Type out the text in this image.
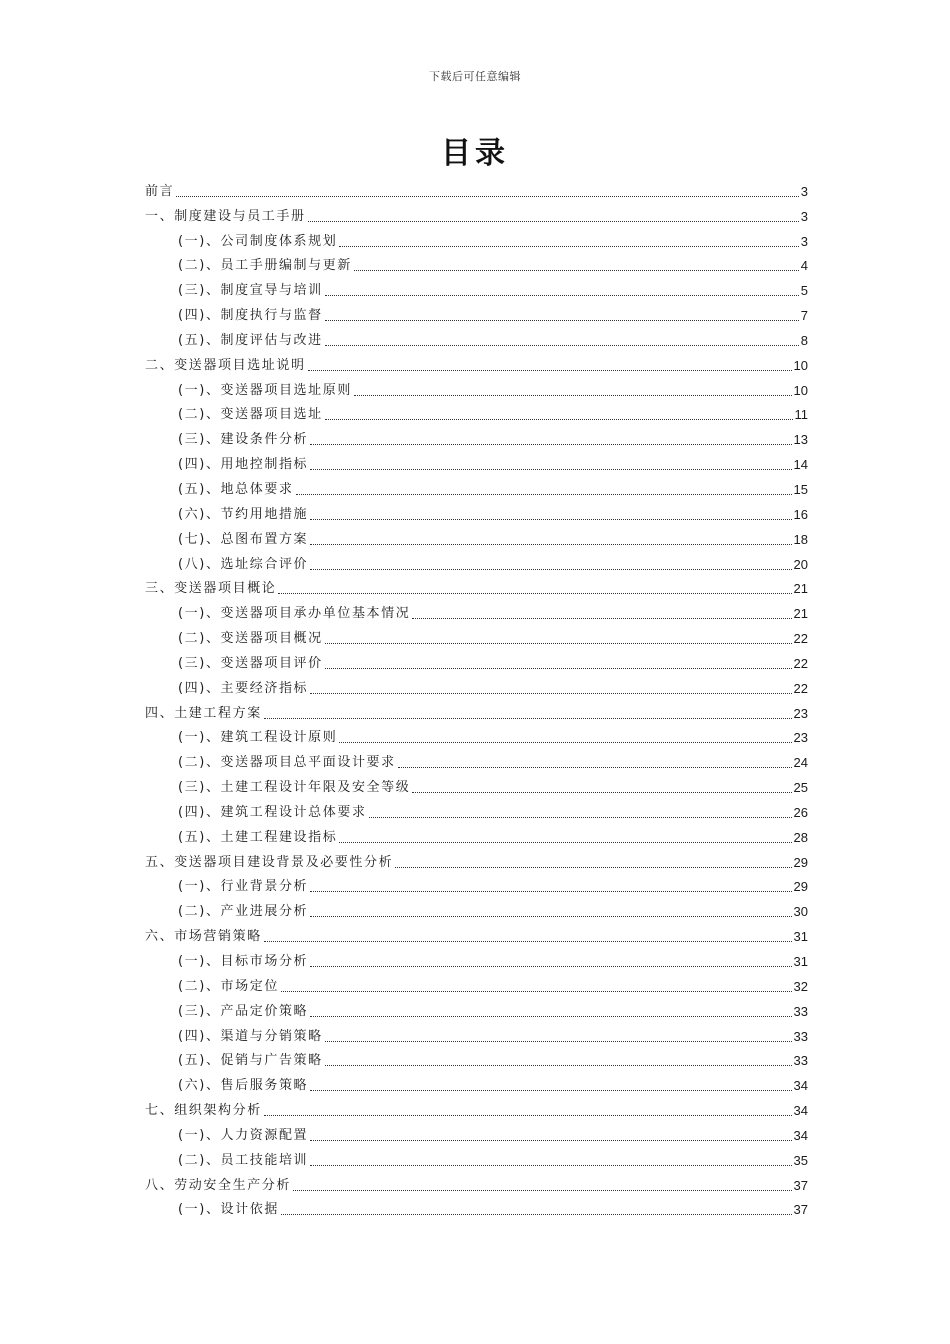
下载后可任意编辑
目录
前言	3
一、制度建设与员工手册	3
(一)、公司制度体系规划	3
(二)、员工手册编制与更新	4
(三)、制度宣导与培训	5
(四)、制度执行与监督	7
(五)、制度评估与改进	8
二、变送器项目选址说明	10
(一)、变送器项目选址原则	10
(二)、变送器项目选址	11
(三)、建设条件分析	13
(四)、用地控制指标	14
(五)、地总体要求	15
(六)、节约用地措施	16
(七)、总图布置方案	18
(八)、选址综合评价	20
三、变送器项目概论	21
(一)、变送器项目承办单位基本情况	21
(二)、变送器项目概况	22
(三)、变送器项目评价	22
(四)、主要经济指标	22
四、土建工程方案	23
(一)、建筑工程设计原则	23
(二)、变送器项目总平面设计要求	24
(三)、土建工程设计年限及安全等级	25
(四)、建筑工程设计总体要求	26
(五)、土建工程建设指标	28
五、变送器项目建设背景及必要性分析	29
(一)、行业背景分析	29
(二)、产业进展分析	30
六、市场营销策略	31
(一)、目标市场分析	31
(二)、市场定位	32
(三)、产品定价策略	33
(四)、渠道与分销策略	33
(五)、促销与广告策略	33
(六)、售后服务策略	34
七、组织架构分析	34
(一)、人力资源配置	34
(二)、员工技能培训	35
八、劳动安全生产分析	37
(一)、设计依据	37
